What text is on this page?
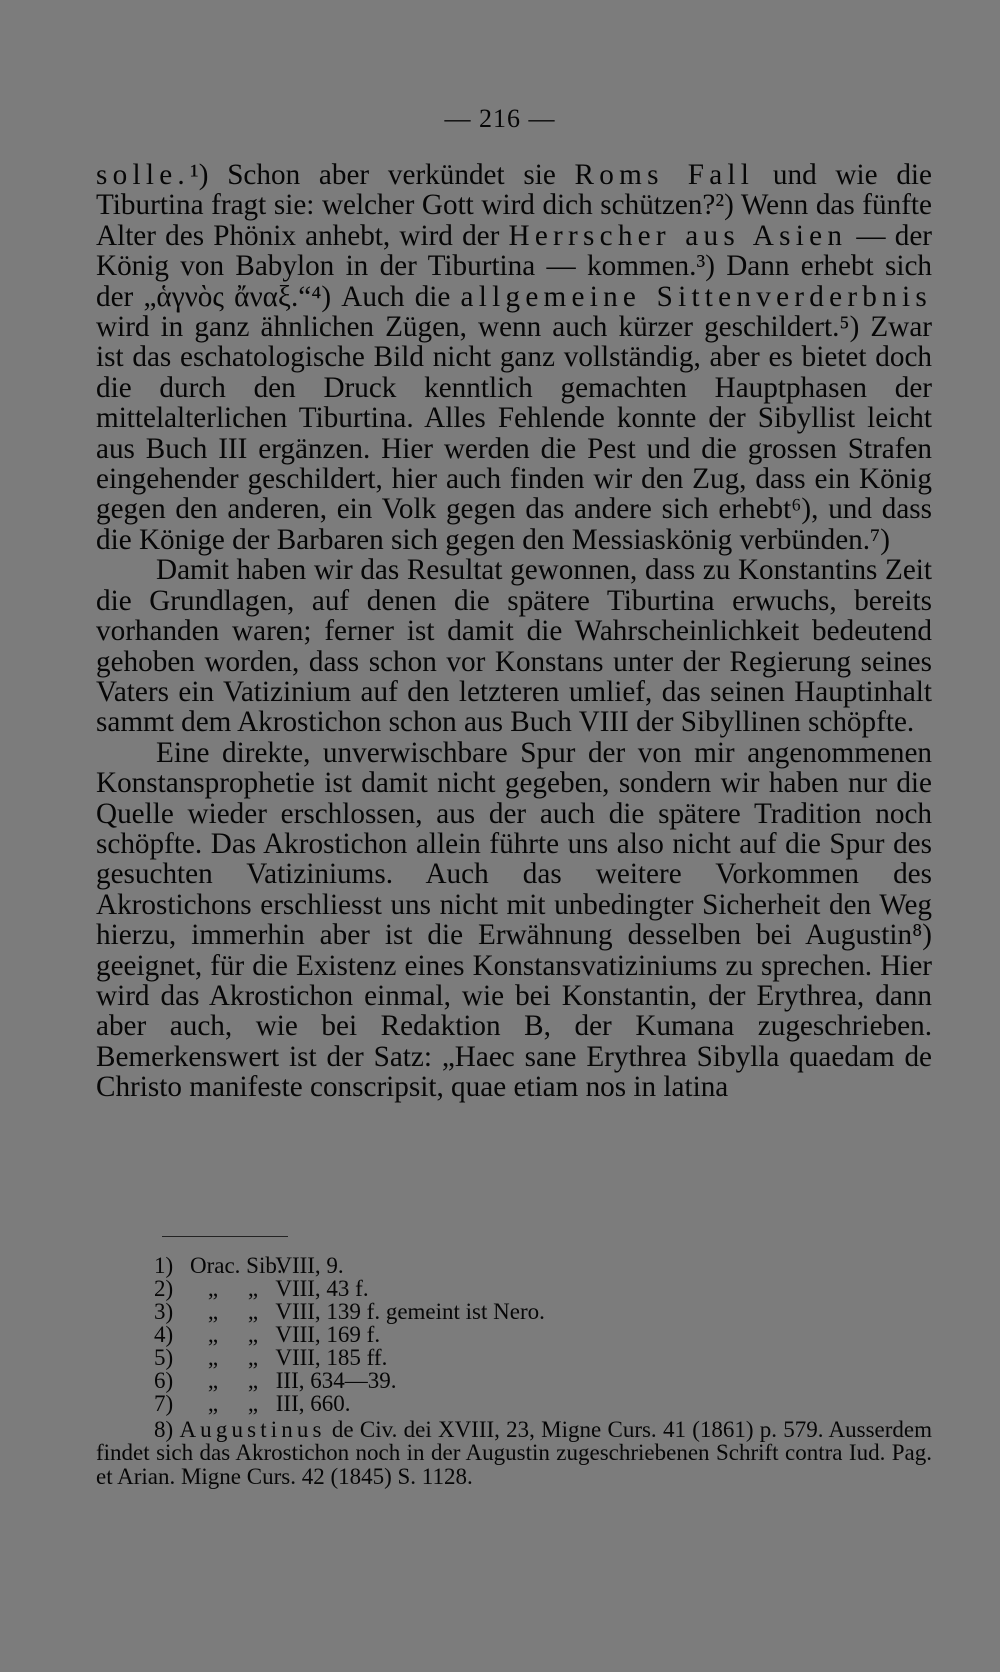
— 216 —

solle.¹) Schon aber verkündet sie Roms Fall und wie die Tiburtina fragt sie: welcher Gott wird dich schützen?²) Wenn das fünfte Alter des Phönix anhebt, wird der Herrscher aus Asien — der König von Babylon in der Tiburtina — kommen.³) Dann erhebt sich der „ἁγνὸς ἄναξ.“⁴) Auch die allgemeine Sittenverderbnis wird in ganz ähnlichen Zügen, wenn auch kürzer geschildert.⁵) Zwar ist das eschatologische Bild nicht ganz vollständig, aber es bietet doch die durch den Druck kenntlich gemachten Hauptphasen der mittelalterlichen Tiburtina. Alles Fehlende konnte der Sibyllist leicht aus Buch III ergänzen. Hier werden die Pest und die grossen Strafen eingehender geschildert, hier auch finden wir den Zug, dass ein König gegen den anderen, ein Volk gegen das andere sich erhebt⁶), und dass die Könige der Barbaren sich gegen den Messiaskönig verbünden.⁷)

Damit haben wir das Resultat gewonnen, dass zu Konstantins Zeit die Grundlagen, auf denen die spätere Tiburtina erwuchs, bereits vorhanden waren; ferner ist damit die Wahrscheinlichkeit bedeutend gehoben worden, dass schon vor Konstans unter der Regierung seines Vaters ein Vatizinium auf den letzteren umlief, das seinen Hauptinhalt sammt dem Akrostichon schon aus Buch VIII der Sibyllinen schöpfte.

Eine direkte, unverwischbare Spur der von mir angenommenen Konstansprophetie ist damit nicht gegeben, sondern wir haben nur die Quelle wieder erschlossen, aus der auch die spätere Tradition noch schöpfte. Das Akrostichon allein führte uns also nicht auf die Spur des gesuchten Vatiziniums. Auch das weitere Vorkommen des Akrostichons erschliesst uns nicht mit unbedingter Sicherheit den Weg hierzu, immerhin aber ist die Erwähnung desselben bei Augustin⁸) geeignet, für die Existenz eines Konstansvatiziniums zu sprechen. Hier wird das Akrostichon einmal, wie bei Konstantin, der Erythrea, dann aber auch, wie bei Redaktion B, der Kumana zugeschrieben. Bemerkenswert ist der Satz: „Haec sane Erythrea Sibylla quaedam de Christo manifeste conscripsit, quae etiam nos in latina

1) Orac. Sib. VIII, 9.
2) „ „ VIII, 43 f.
3) „ „ VIII, 139 f. gemeint ist Nero.
4) „ „ VIII, 169 f.
5) „ „ VIII, 185 ff.
6) „ „ III, 634—39.
7) „ „ III, 660.
8) Augustinus de Civ. dei XVIII, 23, Migne Curs. 41 (1861) p. 579. Ausserdem findet sich das Akrostichon noch in der Augustin zugeschriebenen Schrift contra Iud. Pag. et Arian. Migne Curs. 42 (1845) S. 1128.
